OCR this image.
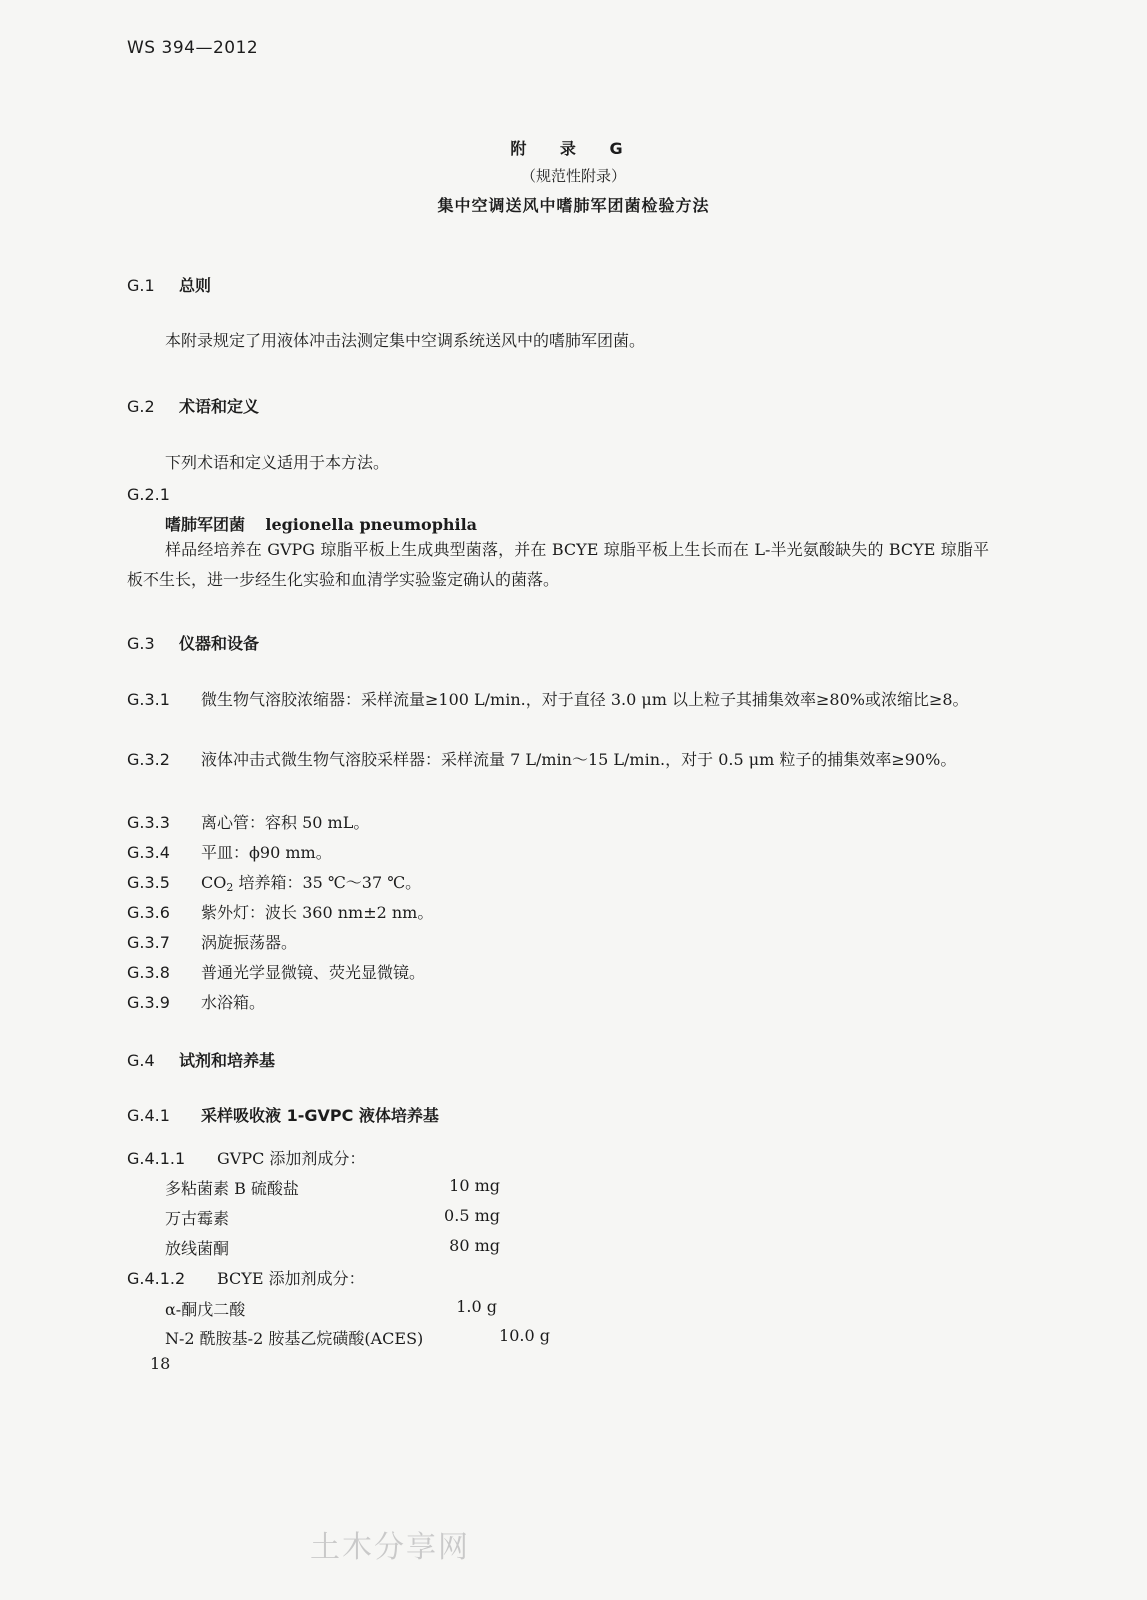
WS 394—2012
附 录 G
（规范性附录）
集中空调送风中嗜肺军团菌检验方法
G.1 总则
本附录规定了用液体冲击法测定集中空调系统送风中的嗜肺军团菌。
G.2 术语和定义
下列术语和定义适用于本方法。
G.2.1
嗜肺军团菌 legionella pneumophila
样品经培养在 GVPG 琼脂平板上生成典型菌落，并在 BCYE 琼脂平板上生长而在 L-半光氨酸缺失的 BCYE 琼脂平板不生长，进一步经生化实验和血清学实验鉴定确认的菌落。
G.3 仪器和设备
G.3.1 微生物气溶胶浓缩器：采样流量≥100 L/min.，对于直径 3.0 μm 以上粒子其捕集效率≥80%或浓缩比≥8。
G.3.2 液体冲击式微生物气溶胶采样器：采样流量 7 L/min～15 L/min.，对于 0.5 μm 粒子的捕集效率≥90%。
G.3.3 离心管：容积 50 mL。
G.3.4 平皿：ϕ90 mm。
G.3.5 $CO_2$ 培养箱：35 ℃～37 ℃。
G.3.6 紫外灯：波长 360 nm±2 nm。
G.3.7 涡旋振荡器。
G.3.8 普通光学显微镜、荧光显微镜。
G.3.9 水浴箱。
G.4 试剂和培养基
G.4.1 采样吸收液 1-GVPC 液体培养基
G.4.1.1 GVPC 添加剂成分：
多粘菌素 B 硫酸盐	10 mg
万古霉素	0.5 mg
放线菌酮	80 mg
G.4.1.2 BCYE 添加剂成分：
α-酮戊二酸	1.0 g
N-2 酰胺基-2 胺基乙烷磺酸(ACES)	10.0 g
18
土木分享网
